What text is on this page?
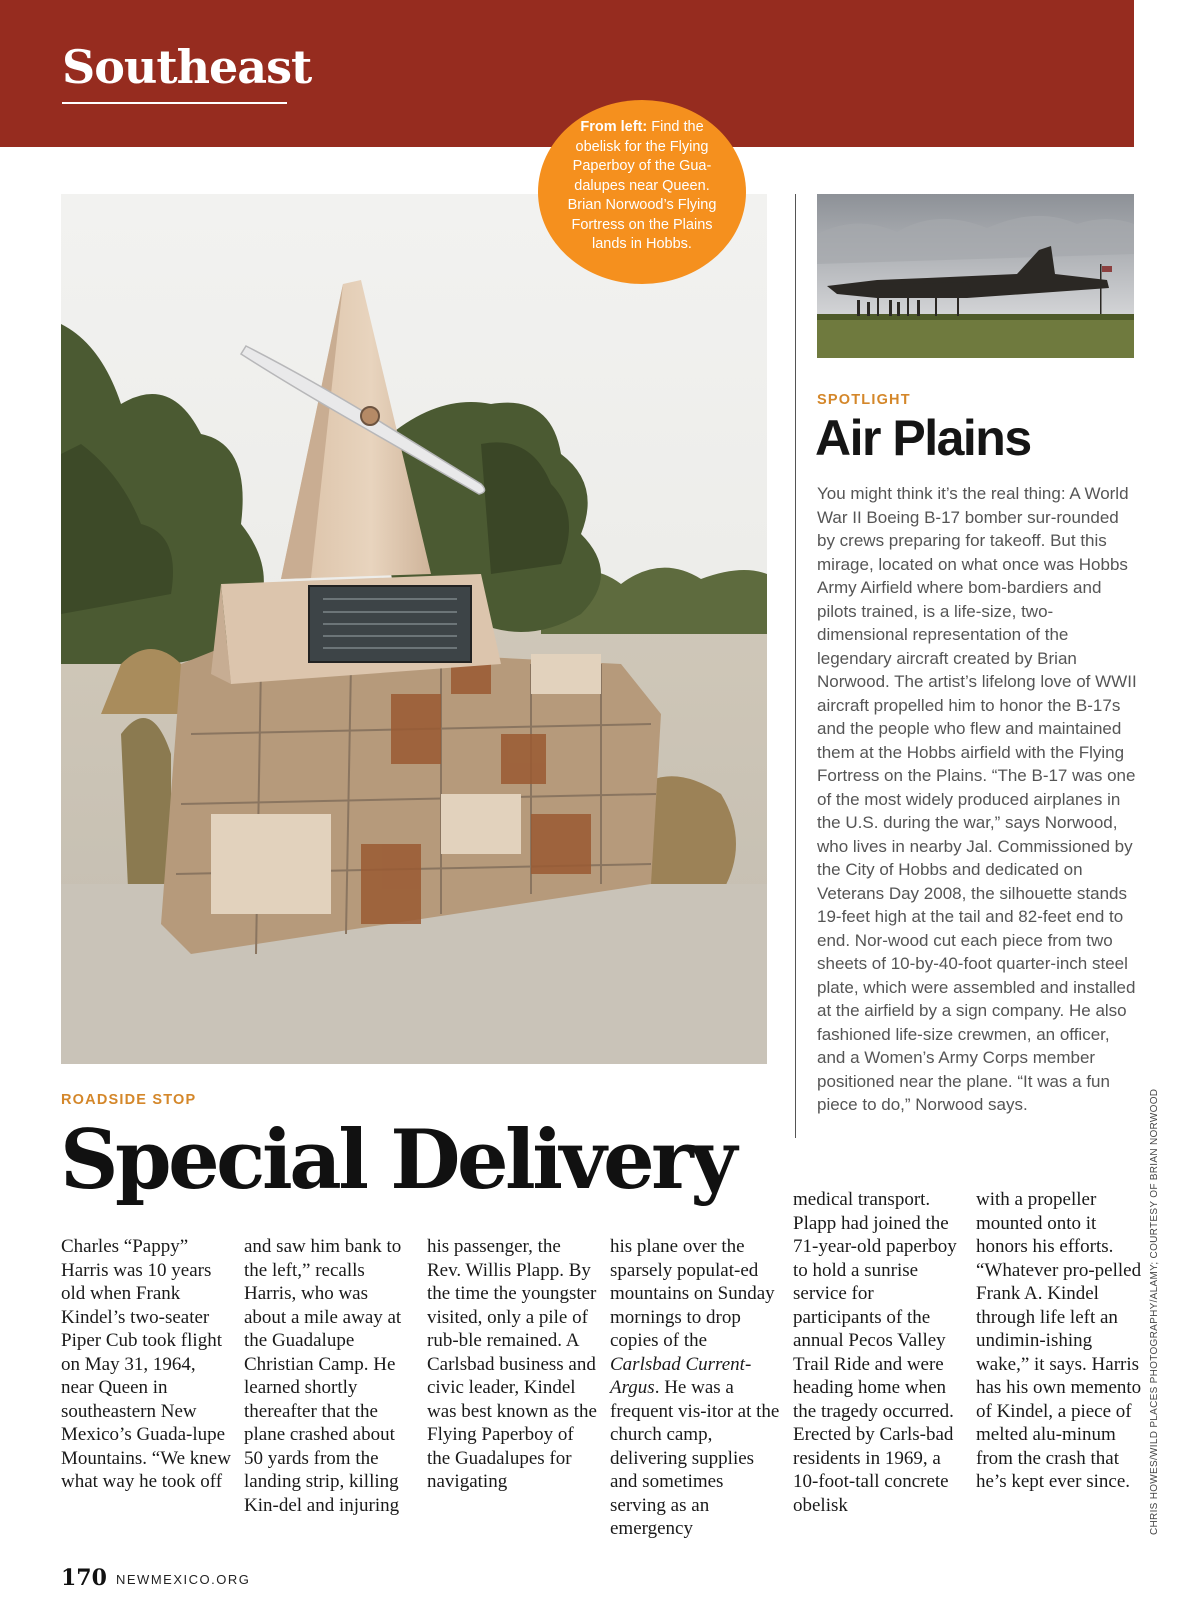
Southeast
From left: Find the obelisk for the Flying Paperboy of the Gua-dalupes near Queen. Brian Norwood’s Flying Fortress on the Plains lands in Hobbs.
SPOTLIGHT
Air Plains
You might think it’s the real thing: A World War II Boeing B-17 bomber sur-rounded by crews preparing for takeoff. But this mirage, located on what once was Hobbs Army Airfield where bom-bardiers and pilots trained, is a life-size, two-dimensional representation of the legendary aircraft created by Brian Norwood. The artist’s lifelong love of WWII aircraft propelled him to honor the B-17s and the people who flew and maintained them at the Hobbs airfield with the Flying Fortress on the Plains. “The B-17 was one of the most widely produced airplanes in the U.S. during the war,” says Norwood, who lives in nearby Jal. Commissioned by the City of Hobbs and dedicated on Veterans Day 2008, the silhouette stands 19-feet high at the tail and 82-feet end to end. Nor-wood cut each piece from two sheets of 10-by-40-foot quarter-inch steel plate, which were assembled and installed at the airfield by a sign company. He also fashioned life-size crewmen, an officer, and a Women’s Army Corps member positioned near the plane. “It was a fun piece to do,” Norwood says.
ROADSIDE STOP
Special Delivery
Charles “Pappy” Harris was 10 years old when Frank Kindel’s two-seater Piper Cub took flight on May 31, 1964, near Queen in southeastern New Mexico’s Guada-lupe Mountains. “We knew what way he took off
and saw him bank to the left,” recalls Harris, who was about a mile away at the Guadalupe Christian Camp. He learned shortly thereafter that the plane crashed about 50 yards from the landing strip, killing Kin-del and injuring
his passenger, the Rev. Willis Plapp. By the time the youngster visited, only a pile of rub-ble remained. A Carlsbad business and civic leader, Kindel was best known as the Flying Paperboy of the Guadalupes for navigating
his plane over the sparsely populat-ed mountains on Sunday mornings to drop copies of the Carlsbad Current-Argus. He was a frequent vis-itor at the church camp, delivering supplies and sometimes serving as an emergency
medical transport. Plapp had joined the 71-year-old paperboy to hold a sunrise service for participants of the annual Pecos Valley Trail Ride and were heading home when the tragedy occurred. Erected by Carls-bad residents in 1969, a 10-foot-tall concrete obelisk
with a propeller mounted onto it honors his efforts. “Whatever pro-pelled Frank A. Kindel through life left an undimin-ishing wake,” it says. Harris has his own memento of Kindel, a piece of melted alu-minum from the crash that he’s kept ever since.	CHRIS HOWES/WILD PLACES PHOTOGRAPHY/ALAMY; COURTESY OF BRIAN NORWOOD
170 NEWMEXICO.ORG
